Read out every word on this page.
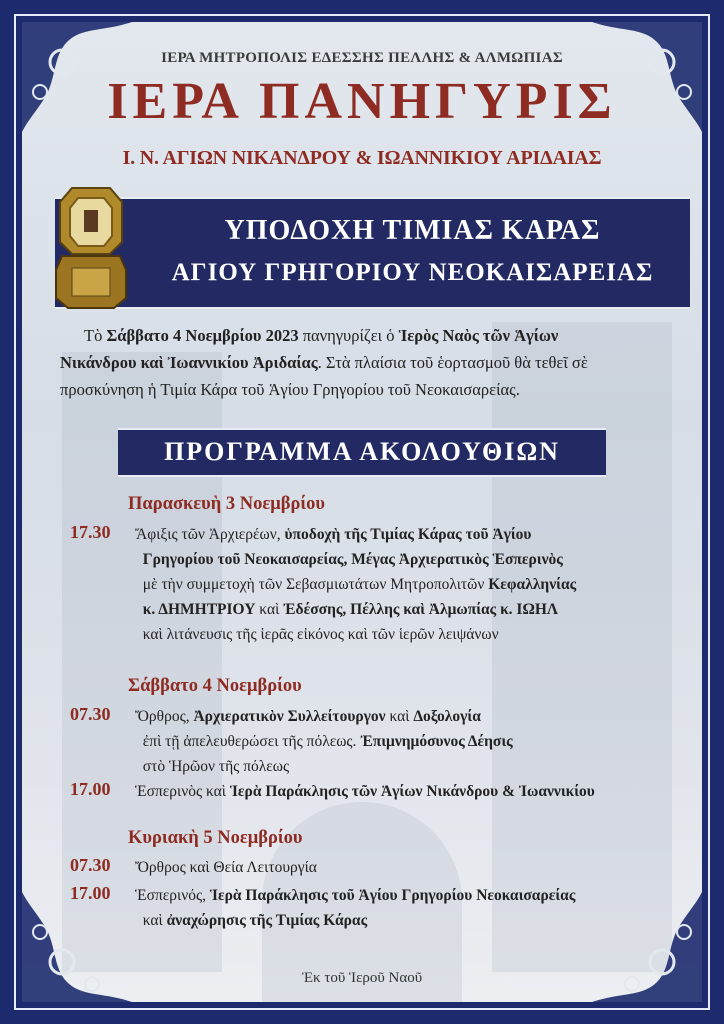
ΙΕΡΑ ΜΗΤΡΟΠΟΛΙΣ ΕΔΕΣΣΗΣ ΠΕΛΛΗΣ & ΑΛΜΩΠΙΑΣ
ΙΕΡΑ ΠΑΝΗΓΥΡΙΣ
Ι. Ν. ΑΓΙΩΝ ΝΙΚΑΝΔΡΟΥ & ΙΩΑΝΝΙΚΙΟΥ ΑΡΙΔΑΙΑΣ
ΥΠΟΔΟΧΗ ΤΙΜΙΑΣ ΚΑΡΑΣ
ΑΓΙΟΥ ΓΡΗΓΟΡΙΟΥ ΝΕΟΚΑΙΣΑΡΕΙΑΣ
Τὸ Σάββατο 4 Νοεμβρίου 2023 πανηγυρίζει ὁ Ἱερὸς Ναὸς τῶν Ἁγίων
Νικάνδρου καὶ Ἰωαννικίου Ἀριδαίας. Στὰ πλαίσια τοῦ ἑορτασμοῦ θὰ τεθεῖ σὲ
προσκύνηση ἡ Τιμία Κάρα τοῦ Ἁγίου Γρηγορίου τοῦ Νεοκαισαρείας.
ΠΡΟΓΡΑΜΜΑ ΑΚΟΛΟΥΘΙΩΝ
Παρασκευὴ 3 Νοεμβρίου
17.30 Ἄφιξις τῶν Ἀρχιερέων, ὑποδοχὴ τῆς Τιμίας Κάρας τοῦ Ἁγίου
Γρηγορίου τοῦ Νεοκαισαρείας, Μέγας Ἀρχιερατικὸς Ἑσπερινὸς
μὲ τὴν συμμετοχὴ τῶν Σεβασμιωτάτων Μητροπολιτῶν Κεφαλληνίας
κ. ΔΗΜΗΤΡΙΟΥ καὶ Ἐδέσσης, Πέλλης καὶ Ἀλμωπίας κ. ΙΩΗΛ
καὶ λιτάνευσις τῆς ἱερᾶς εἰκόνος καὶ τῶν ἱερῶν λειψάνων
Σάββατο 4 Νοεμβρίου
07.30 Ὄρθρος, Ἀρχιερατικὸν Συλλείτουργον καὶ Δοξολογία
ἐπὶ τῇ ἀπελευθερώσει τῆς πόλεως. Ἐπιμνημόσυνος Δέησις
στὸ Ἡρῶον τῆς πόλεως
17.00 Ἑσπερινὸς καὶ Ἱερὰ Παράκλησις τῶν Ἁγίων Νικάνδρου & Ἰωαννικίου
Κυριακὴ 5 Νοεμβρίου
07.30 Ὄρθρος καὶ Θεία Λειτουργία
17.00 Ἑσπερινός, Ἱερὰ Παράκλησις τοῦ Ἁγίου Γρηγορίου Νεοκαισαρείας
καὶ ἀναχώρησις τῆς Τιμίας Κάρας
Ἐκ τοῦ Ἱεροῦ Ναοῦ
